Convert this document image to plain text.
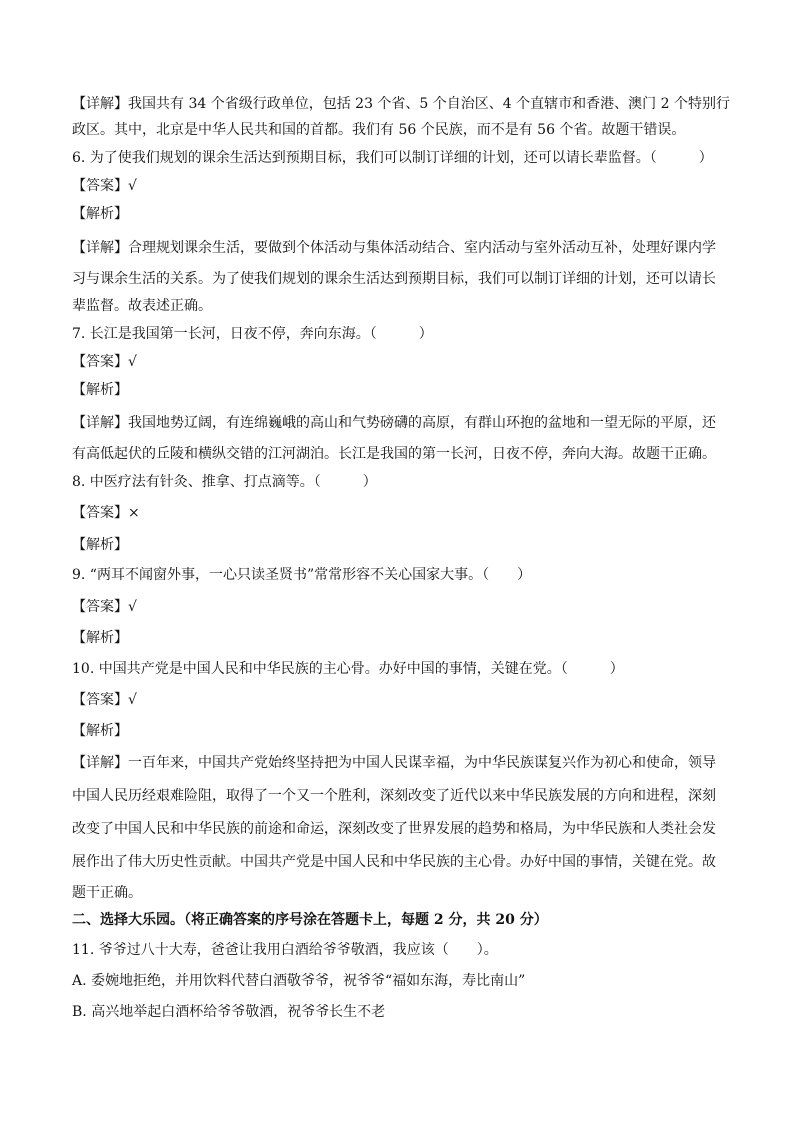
【详解】我国共有 34 个省级行政单位，包括 23 个省、5 个自治区、4 个直辖市和香港、澳门 2 个特别行
政区。其中，北京是中华人民共和国的首都。我们有 56 个民族，而不是有 56 个省。故题干错误。
6. 为了使我们规划的课余生活达到预期目标，我们可以制订详细的计划，还可以请长辈监督。（　　　）
【答案】√
【解析】
【详解】合理规划课余生活，要做到个体活动与集体活动结合、室内活动与室外活动互补，处理好课内学
习与课余生活的关系。为了使我们规划的课余生活达到预期目标，我们可以制订详细的计划，还可以请长
辈监督。故表述正确。
7. 长江是我国第一长河，日夜不停，奔向东海。（　　　）
【答案】√
【解析】
【详解】我国地势辽阔，有连绵巍峨的高山和气势磅礴的高原，有群山环抱的盆地和一望无际的平原，还
有高低起伏的丘陵和横纵交错的江河湖泊。长江是我国的第一长河，日夜不停，奔向大海。故题干正确。
8. 中医疗法有针灸、推拿、打点滴等。（　　　）
【答案】×
【解析】
9. “两耳不闻窗外事，一心只读圣贤书”常常形容不关心国家大事。（　　）
【答案】√
【解析】
10. 中国共产党是中国人民和中华民族的主心骨。办好中国的事情，关键在党。（　　　）
【答案】√
【解析】
【详解】一百年来，中国共产党始终坚持把为中国人民谋幸福，为中华民族谋复兴作为初心和使命，领导
中国人民历经艰难险阻，取得了一个又一个胜利，深刻改变了近代以来中华民族发展的方向和进程，深刻
改变了中国人民和中华民族的前途和命运，深刻改变了世界发展的趋势和格局，为中华民族和人类社会发
展作出了伟大历史性贡献。中国共产党是中国人民和中华民族的主心骨。办好中国的事情，关键在党。故
题干正确。
二、选择大乐园。（将正确答案的序号涂在答题卡上，每题 2 分，共 20 分）
11. 爷爷过八十大寿，爸爸让我用白酒给爷爷敬酒，我应该（　　）。
A. 委婉地拒绝，并用饮料代替白酒敬爷爷，祝爷爷“福如东海，寿比南山”
B. 高兴地举起白酒杯给爷爷敬酒，祝爷爷长生不老
